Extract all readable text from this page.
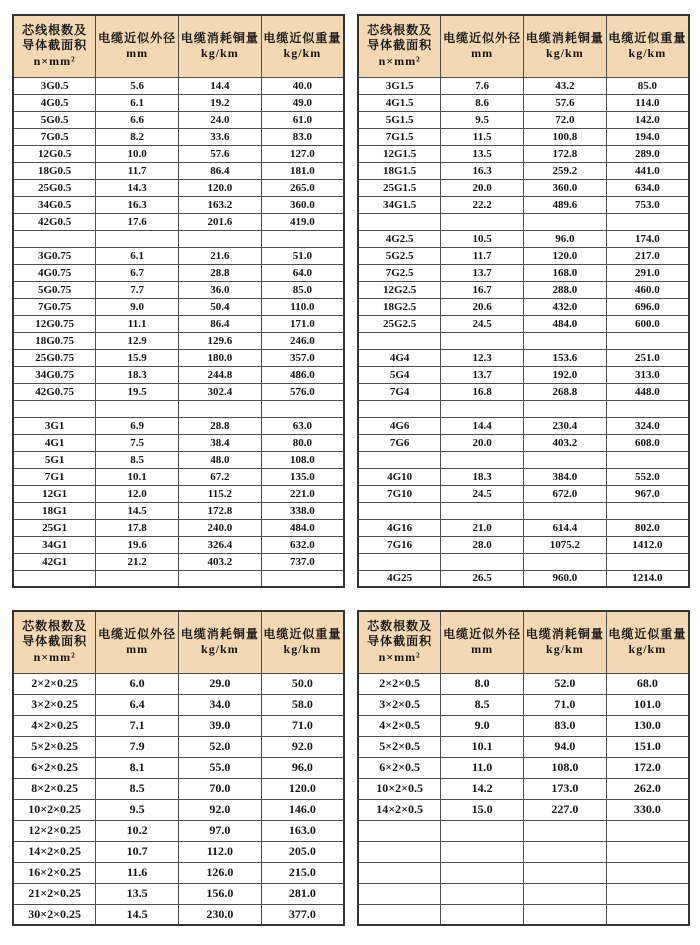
芯线根数及
导体截面积
n×mm²

电缆近似外径
mm

电缆消耗铜量
kg/km

电缆近似重量
kg/km

3G0.5	5.6	14.4	40.0
4G0.5	6.1	19.2	49.0
5G0.5	6.6	24.0	61.0
7G0.5	8.2	33.6	83.0
12G0.5	10.0	57.6	127.0
18G0.5	11.7	86.4	181.0
25G0.5	14.3	120.0	265.0
34G0.5	16.3	163.2	360.0
42G0.5	17.6	201.6	419.0

3G0.75	6.1	21.6	51.0
4G0.75	6.7	28.8	64.0
5G0.75	7.7	36.0	85.0
7G0.75	9.0	50.4	110.0
12G0.75	11.1	86.4	171.0
18G0.75	12.9	129.6	246.0
25G0.75	15.9	180.0	357.0
34G0.75	18.3	244.8	486.0
42G0.75	19.5	302.4	576.0

3G1	6.9	28.8	63.0
4G1	7.5	38.4	80.0
5G1	8.5	48.0	108.0
7G1	10.1	67.2	135.0
12G1	12.0	115.2	221.0
18G1	14.5	172.8	338.0
25G1	17.8	240.0	484.0
34G1	19.6	326.4	632.0
42G1	21.2	403.2	737.0

芯线根数及
导体截面积
n×mm²

电缆近似外径
mm

电缆消耗铜量
kg/km

电缆近似重量
kg/km

3G1.5	7.6	43.2	85.0
4G1.5	8.6	57.6	114.0
5G1.5	9.5	72.0	142.0
7G1.5	11.5	100.8	194.0
12G1.5	13.5	172.8	289.0
18G1.5	16.3	259.2	441.0
25G1.5	20.0	360.0	634.0
34G1.5	22.2	489.6	753.0

4G2.5	10.5	96.0	174.0
5G2.5	11.7	120.0	217.0
7G2.5	13.7	168.0	291.0
12G2.5	16.7	288.0	460.0
18G2.5	20.6	432.0	696.0
25G2.5	24.5	484.0	600.0

4G4	12.3	153.6	251.0
5G4	13.7	192.0	313.0
7G4	16.8	268.8	448.0

4G6	14.4	230.4	324.0
7G6	20.0	403.2	608.0

4G10	18.3	384.0	552.0
7G10	24.5	672.0	967.0

4G16	21.0	614.4	802.0
7G16	28.0	1075.2	1412.0

4G25	26.5	960.0	1214.0
芯数根数及
导体截面积
n×mm²

电缆近似外径
mm

电缆消耗铜量
kg/km

电缆近似重量
kg/km

2×2×0.25	6.0	29.0	50.0
3×2×0.25	6.4	34.0	58.0
4×2×0.25	7.1	39.0	71.0
5×2×0.25	7.9	52.0	92.0
6×2×0.25	8.1	55.0	96.0
8×2×0.25	8.5	70.0	120.0
10×2×0.25	9.5	92.0	146.0
12×2×0.25	10.2	97.0	163.0
14×2×0.25	10.7	112.0	205.0
16×2×0.25	11.6	126.0	215.0
21×2×0.25	13.5	156.0	281.0
30×2×0.25	14.5	230.0	377.0
芯数根数及
导体截面积
n×mm²

电缆近似外径
mm

电缆消耗铜量
kg/km

电缆近似重量
kg/km

2×2×0.5	8.0	52.0	68.0
3×2×0.5	8.5	71.0	101.0
4×2×0.5	9.0	83.0	130.0
5×2×0.5	10.1	94.0	151.0
6×2×0.5	11.0	108.0	172.0
10×2×0.5	14.2	173.0	262.0
14×2×0.5	15.0	227.0	330.0
